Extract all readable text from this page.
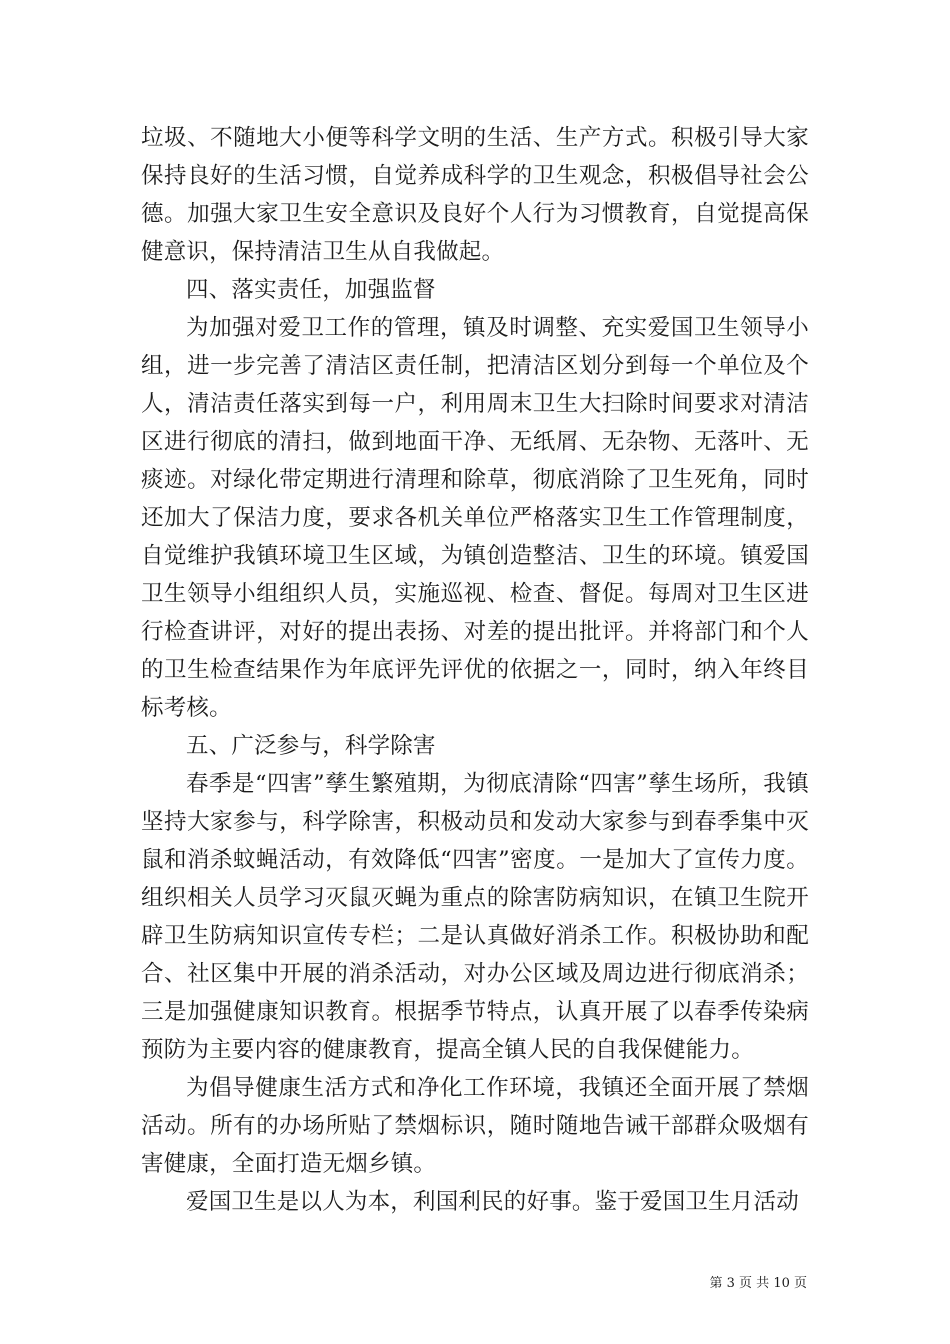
垃圾、不随地大小便等科学文明的生活、生产方式。积极引导大家保持良好的生活习惯，自觉养成科学的卫生观念，积极倡导社会公德。加强大家卫生安全意识及良好个人行为习惯教育，自觉提高保健意识，保持清洁卫生从自我做起。

四、落实责任，加强监督

为加强对爱卫工作的管理，镇及时调整、充实爱国卫生领导小组，进一步完善了清洁区责任制，把清洁区划分到每一个单位及个人，清洁责任落实到每一户，利用周末卫生大扫除时间要求对清洁区进行彻底的清扫，做到地面干净、无纸屑、无杂物、无落叶、无痰迹。对绿化带定期进行清理和除草，彻底消除了卫生死角，同时还加大了保洁力度，要求各机关单位严格落实卫生工作管理制度，自觉维护我镇环境卫生区域，为镇创造整洁、卫生的环境。镇爱国卫生领导小组组织人员，实施巡视、检查、督促。每周对卫生区进行检查讲评，对好的提出表扬、对差的提出批评。并将部门和个人的卫生检查结果作为年底评先评优的依据之一，同时，纳入年终目标考核。

五、广泛参与，科学除害

春季是“四害”孳生繁殖期，为彻底清除“四害”孳生场所，我镇坚持大家参与，科学除害，积极动员和发动大家参与到春季集中灭鼠和消杀蚊蝇活动，有效降低“四害”密度。一是加大了宣传力度。组织相关人员学习灭鼠灭蝇为重点的除害防病知识，在镇卫生院开辟卫生防病知识宣传专栏；二是认真做好消杀工作。积极协助和配合、社区集中开展的消杀活动，对办公区域及周边进行彻底消杀；三是加强健康知识教育。根据季节特点，认真开展了以春季传染病预防为主要内容的健康教育，提高全镇人民的自我保健能力。

为倡导健康生活方式和净化工作环境，我镇还全面开展了禁烟活动。所有的办场所贴了禁烟标识，随时随地告诫干部群众吸烟有害健康，全面打造无烟乡镇。

爱国卫生是以人为本，利国利民的好事。鉴于爱国卫生月活动

第 3 页 共 10 页
